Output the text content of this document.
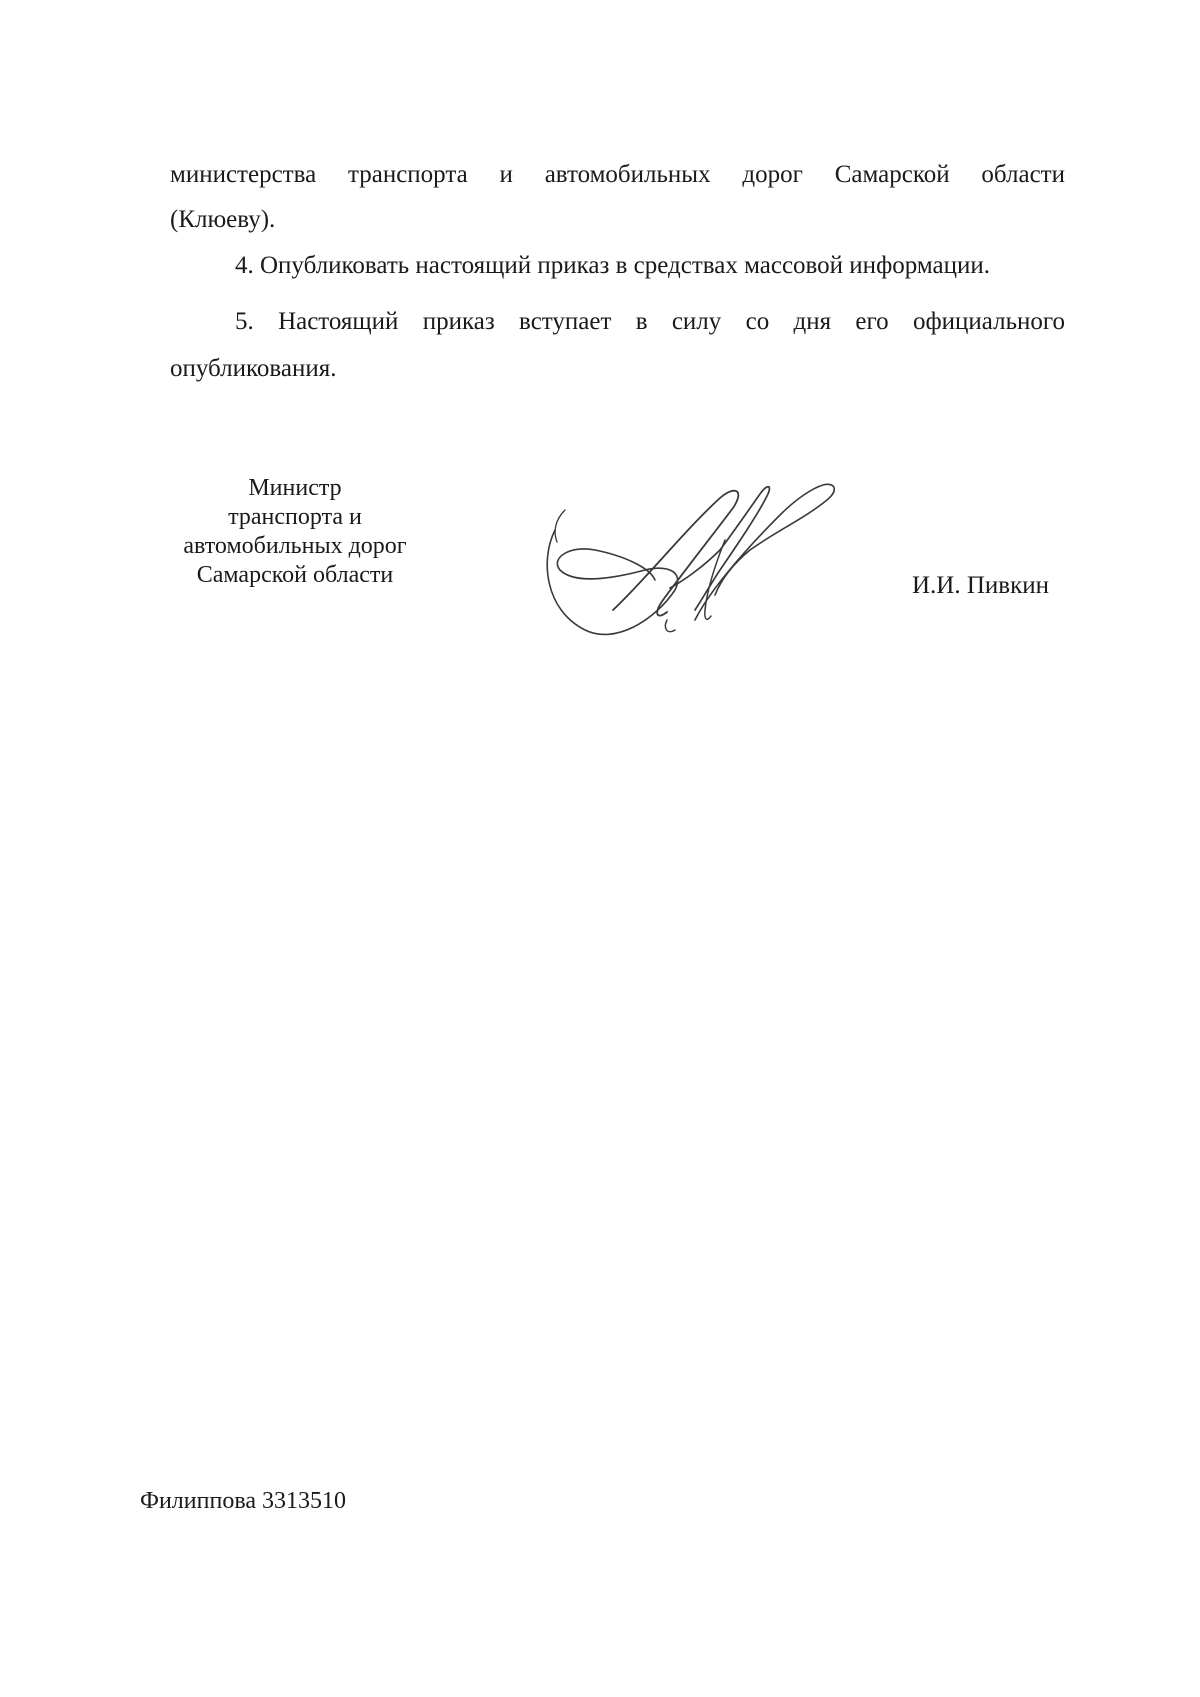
министерства транспорта и автомобильных дорог Самарской области
(Клюеву).

4. Опубликовать настоящий приказ в средствах массовой информации.

5. Настоящий приказ вступает в силу со дня его официального опубликования.

Министр
транспорта и
автомобильных дорог
Самарской области	И.И. Пивкин
Филиппова 3313510
